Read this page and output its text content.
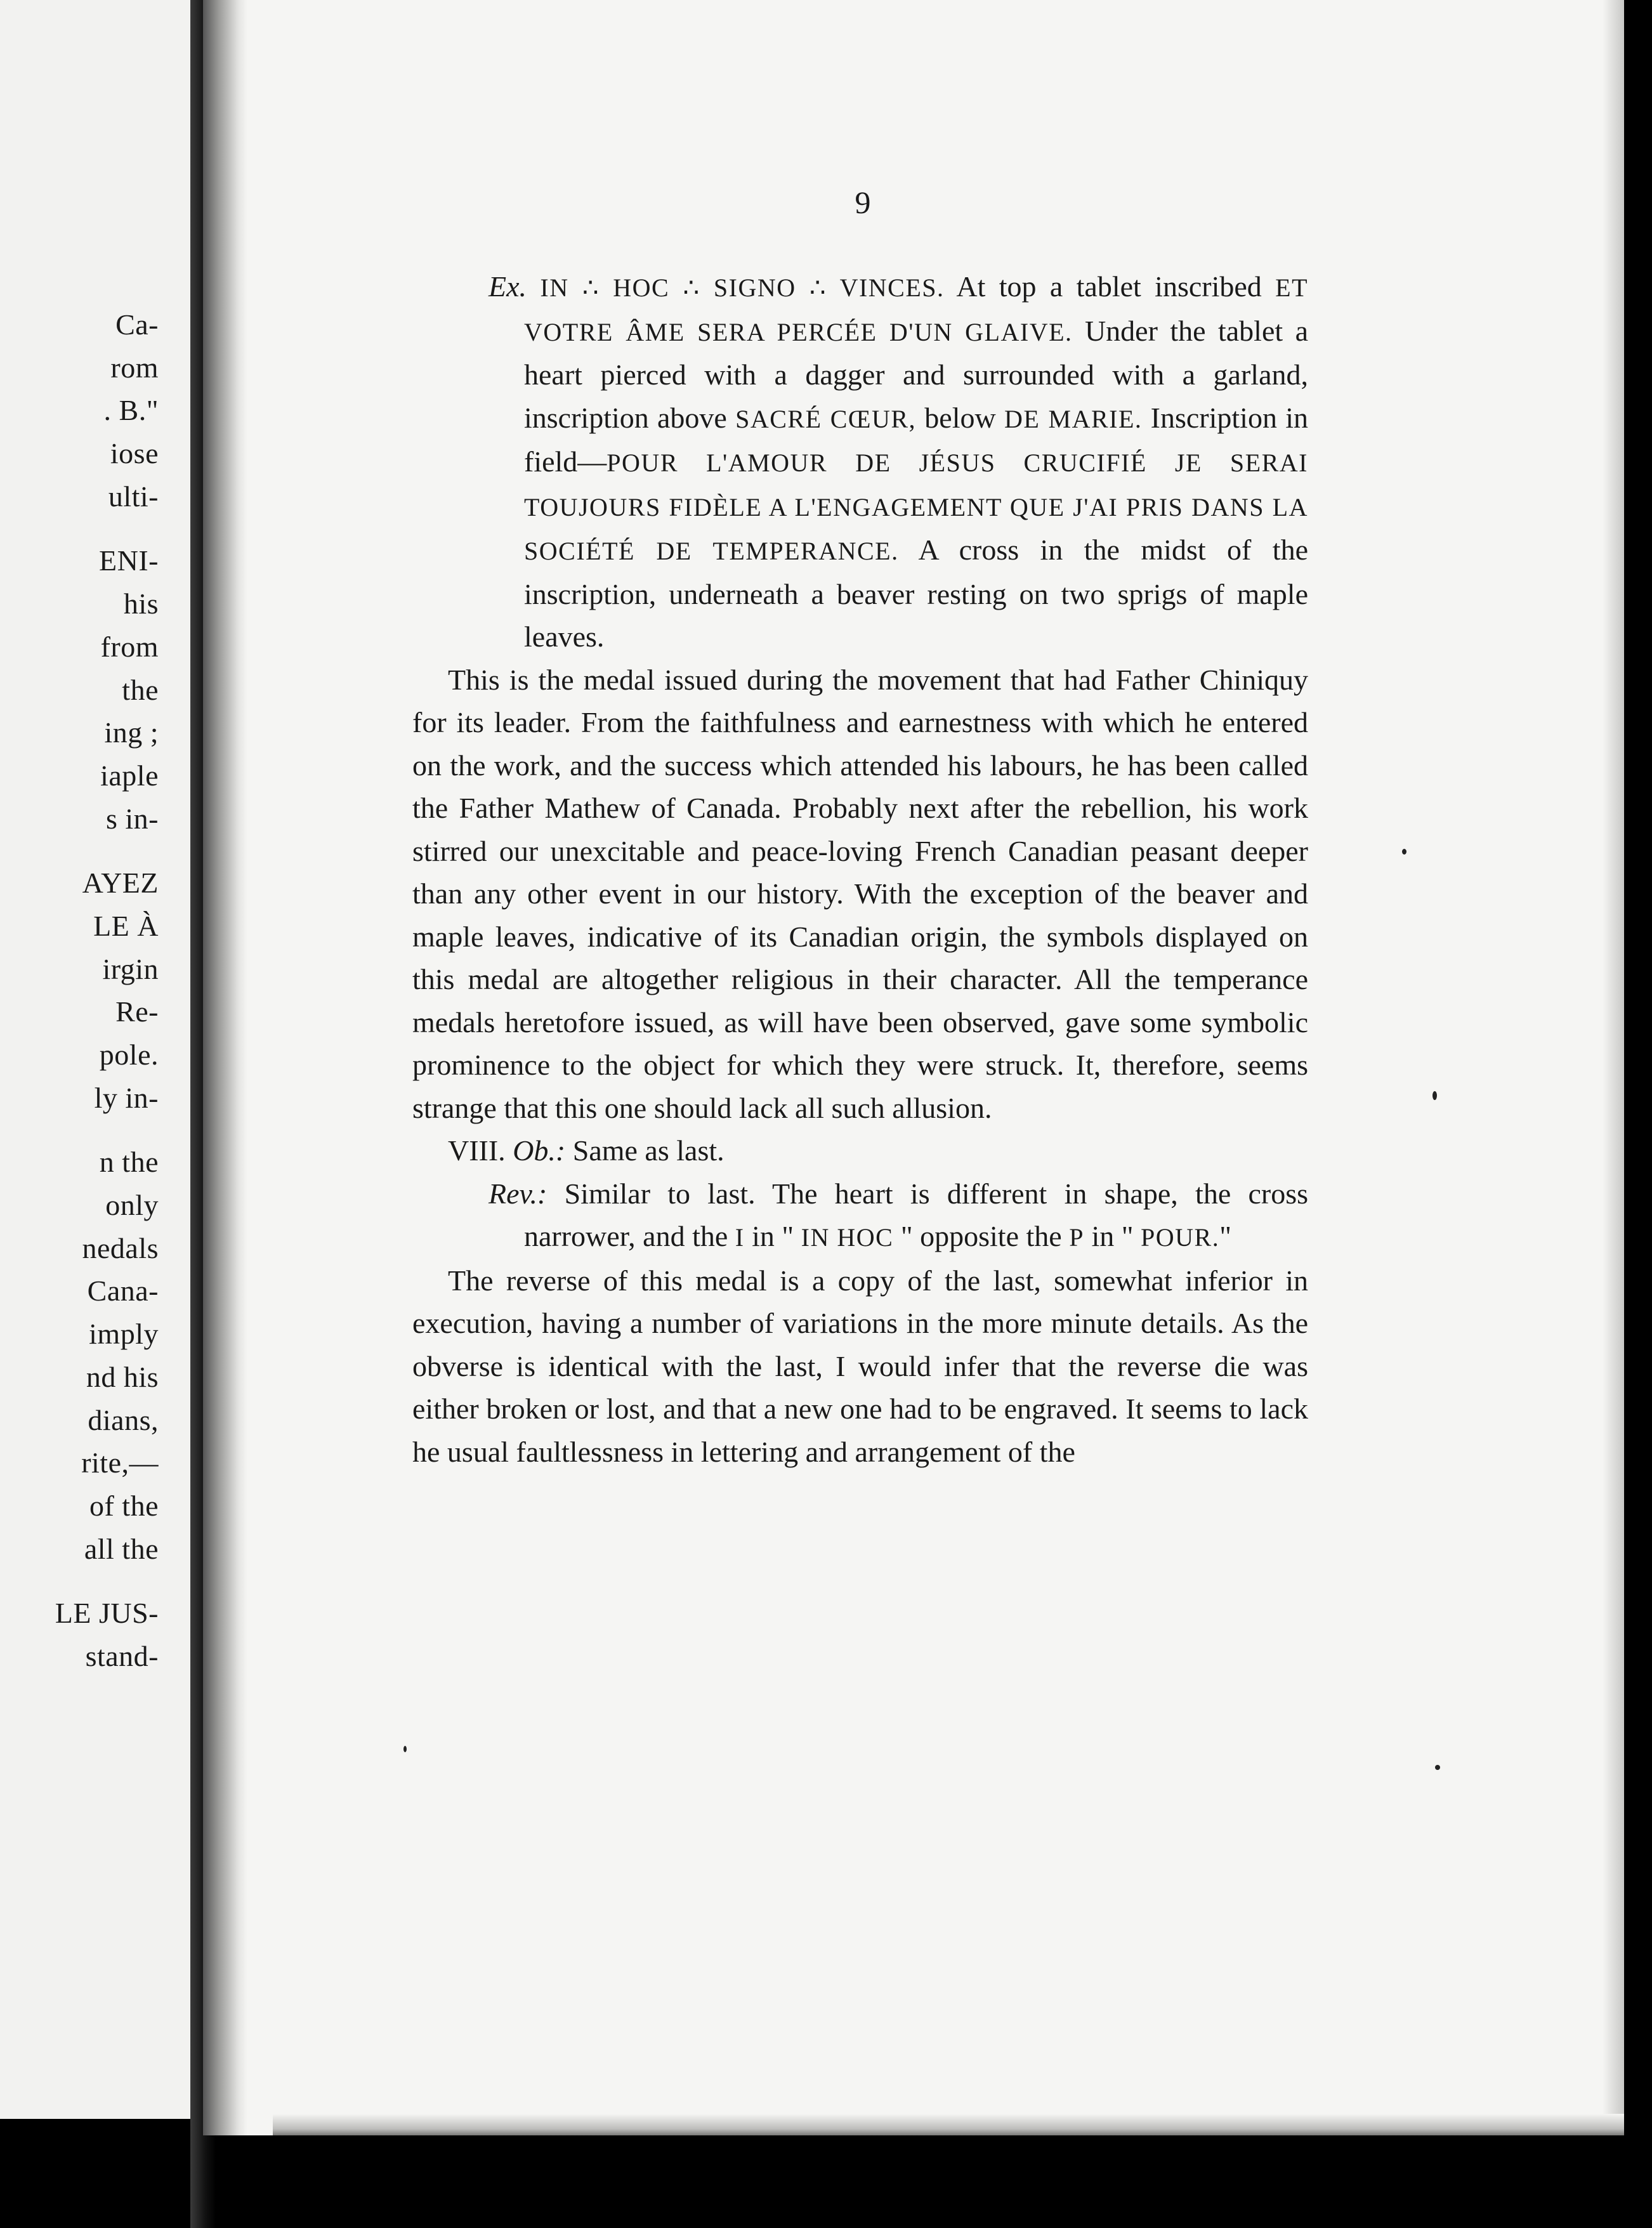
Ca-
rom
. B."
iose
ulti-
ENI-
his
from
the
ing ;
iaple
s in-
AYEZ
LE À
irgin
Re-
pole.
ly in-
n the
only
nedals
Cana-
imply
nd his
dians,
rite,—
of the
all the
LE JUS-
stand-
9

Ex. IN ∴ HOC ∴ SIGNO ∴ VINCES. At top a tablet inscribed ET VOTRE ÂME SERA PERCÉE D'UN GLAIVE. Under the tablet a heart pierced with a dagger and surrounded with a garland, inscription above SACRÉ CŒUR, below DE MARIE. Inscription in field—POUR L'AMOUR DE JÉSUS CRUCIFIÉ JE SERAI TOUJOURS FIDÈLE A L'ENGAGEMENT QUE J'AI PRIS DANS LA SOCIÉTÉ DE TEMPERANCE. A cross in the midst of the inscription, underneath a beaver resting on two sprigs of maple leaves.

This is the medal issued during the movement that had Father Chiniquy for its leader. From the faithfulness and earnestness with which he entered on the work, and the success which attended his labours, he has been called the Father Mathew of Canada. Probably next after the rebellion, his work stirred our unexcitable and peace-loving French Canadian peasant deeper than any other event in our history. With the exception of the beaver and maple leaves, indicative of its Canadian origin, the symbols displayed on this medal are altogether religious in their character. All the temperance medals heretofore issued, as will have been observed, gave some symbolic prominence to the object for which they were struck. It, therefore, seems strange that this one should lack all such allusion.

VIII. Ob.: Same as last.

Rev.: Similar to last. The heart is different in shape, the cross narrower, and the I in " IN HOC " opposite the P in " POUR."

The reverse of this medal is a copy of the last, somewhat inferior in execution, having a number of variations in the more minute details. As the obverse is identical with the last, I would infer that the reverse die was either broken or lost, and that a new one had to be engraved. It seems to lack he usual faultlessness in lettering and arrangement of the
